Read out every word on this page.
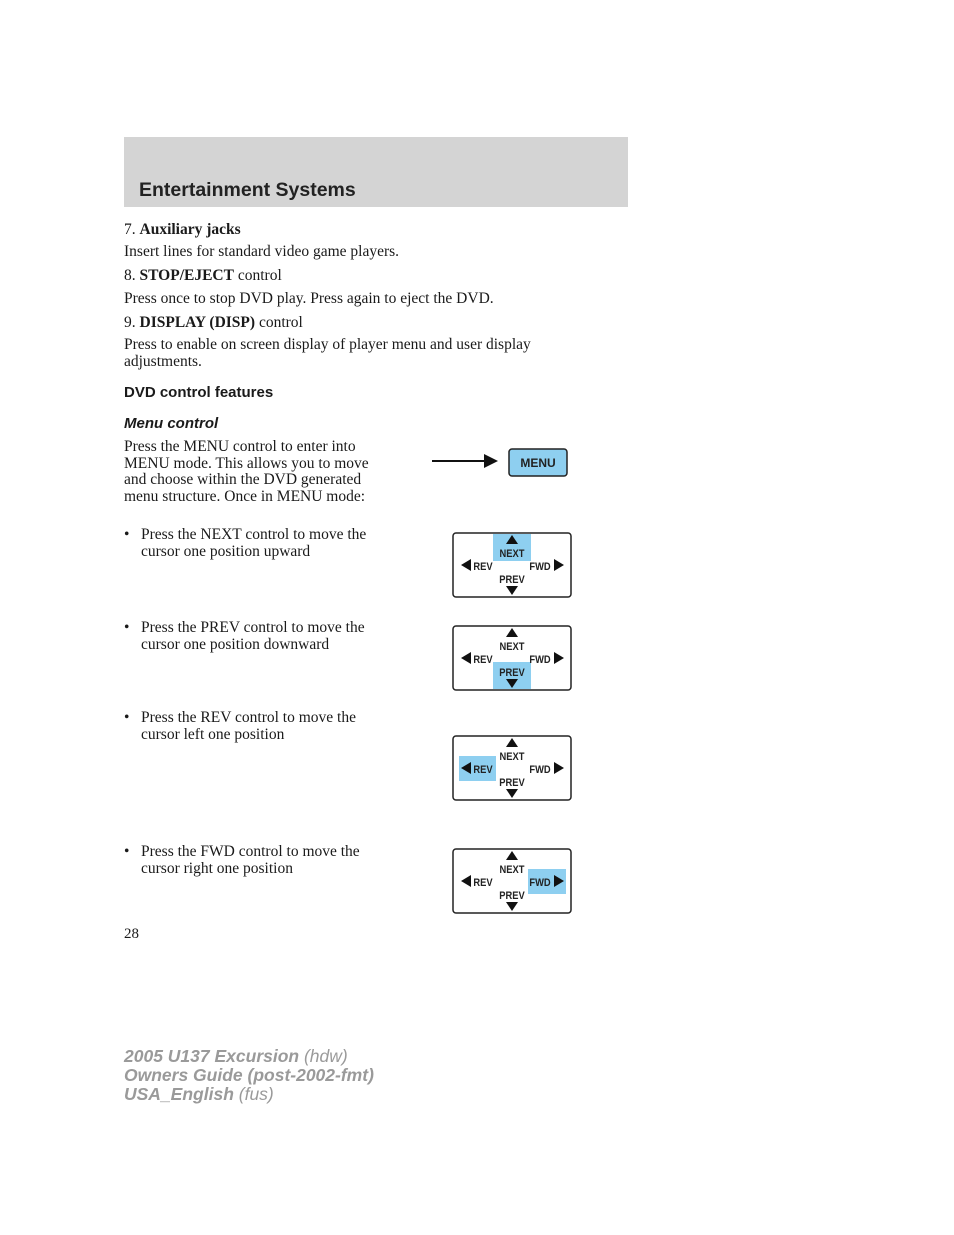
Entertainment Systems
7. Auxiliary jacks
Insert lines for standard video game players.
8. STOP/EJECT control
Press once to stop DVD play. Press again to eject the DVD.
9. DISPLAY (DISP) control
Press to enable on screen display of player menu and user display adjustments.
DVD control features
Menu control
Press the MENU control to enter into MENU mode. This allows you to move and choose within the DVD generated menu structure. Once in MENU mode:
MENU
• Press the NEXT control to move the cursor one position upward
• Press the PREV control to move the cursor one position downward
• Press the REV control to move the cursor left one position
• Press the FWD control to move the cursor right one position
NEXT
PREV
REV	FWD
NEXT
PREV
REV	FWD
NEXT
PREV
REV	FWD
NEXT
PREV
REV	FWD
28
2005 U137 Excursion (hdw)
Owners Guide (post-2002-fmt)
USA_English (fus)
